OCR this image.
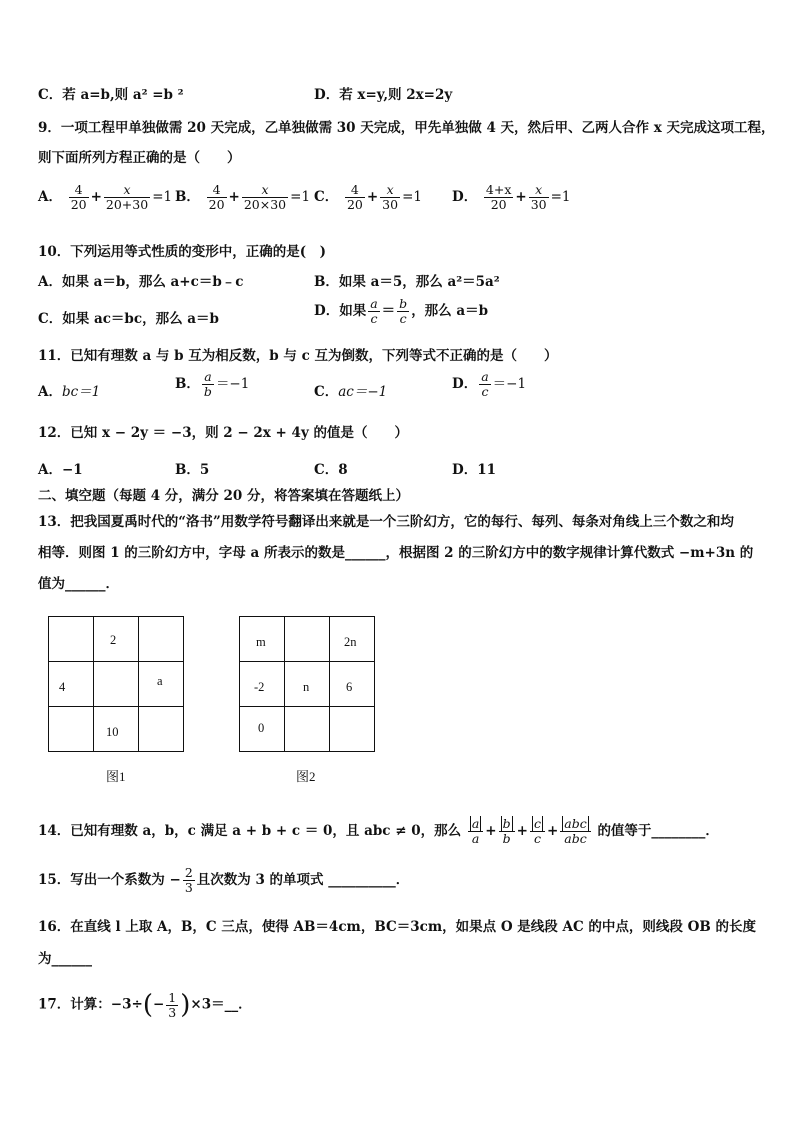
C．若 a=b,则 a² =b ²	D．若 x=y,则 2x=2y
9．一项工程甲单独做需 20 天完成，乙单独做需 30 天完成，甲先单独做 4 天，然后甲、乙两人合作 x 天完成这项工程，
则下面所列方程正确的是（　　）
A． $\frac{4}{20} + \frac{x}{20+30} =1$ B． $\frac{4}{20} + \frac{x}{20\times 30} =1$ C． $\frac{4}{20} + \frac{x}{30} =1$ D． $\frac{4+x}{20} + \frac{x}{30} =1$
10．下列运用等式性质的变形中，正确的是(　)
A．如果 a＝b，那么 a+c＝b﹣c	B．如果 a＝5，那么 a²＝5a²
C．如果 ac＝bc，那么 a＝b	D．如果 $\frac{a}{c} = \frac{b}{c}$ ，那么 a＝b
11．已知有理数 a 与 b 互为相反数，b 与 c 互为倒数，下列等式不正确的是（　　）
A．bc＝1	B． $\frac{a}{b} =-1$	C．ac＝−1	D． $\frac{a}{c} =-1$
12．已知 x − 2y ＝ −3，则 2 − 2x + 4y 的值是（　　）
A．−1	B．5	C．8	D．11
二、填空题（每题 4 分，满分 20 分，将答案填在答题纸上）
13．把我国夏禹时代的“洛书”用数学符号翻译出来就是一个三阶幻方，它的每行、每列、每条对角线上三个数之和均
相等．则图 1 的三阶幻方中，字母 a 所表示的数是______，根据图 2 的三阶幻方中的数字规律计算代数式 −m+3n 的
值为______．

	2	

4		a

	10	

图1
m		2n

-2	n	6

0		

图2
14．已知有理数 a，b，c 满足 a + b + c ＝ 0，且 abc ≠ 0，那么 $\frac{a}{a} + \frac{b}{b} + \frac{c}{c} + \frac{\text{abc}}{\text{abc}}$ 的值等于________．
15．写出一个系数为 − $\frac{2}{3}$ 且次数为 3 的单项式 __________．
16．在直线 l 上取 A，B，C 三点，使得 AB＝4cm，BC＝3cm，如果点 O 是线段 AC 的中点，则线段 OB 的长度
为______
17．计算：$-3\div(- \frac{1}{3}$ )×3＝__．
